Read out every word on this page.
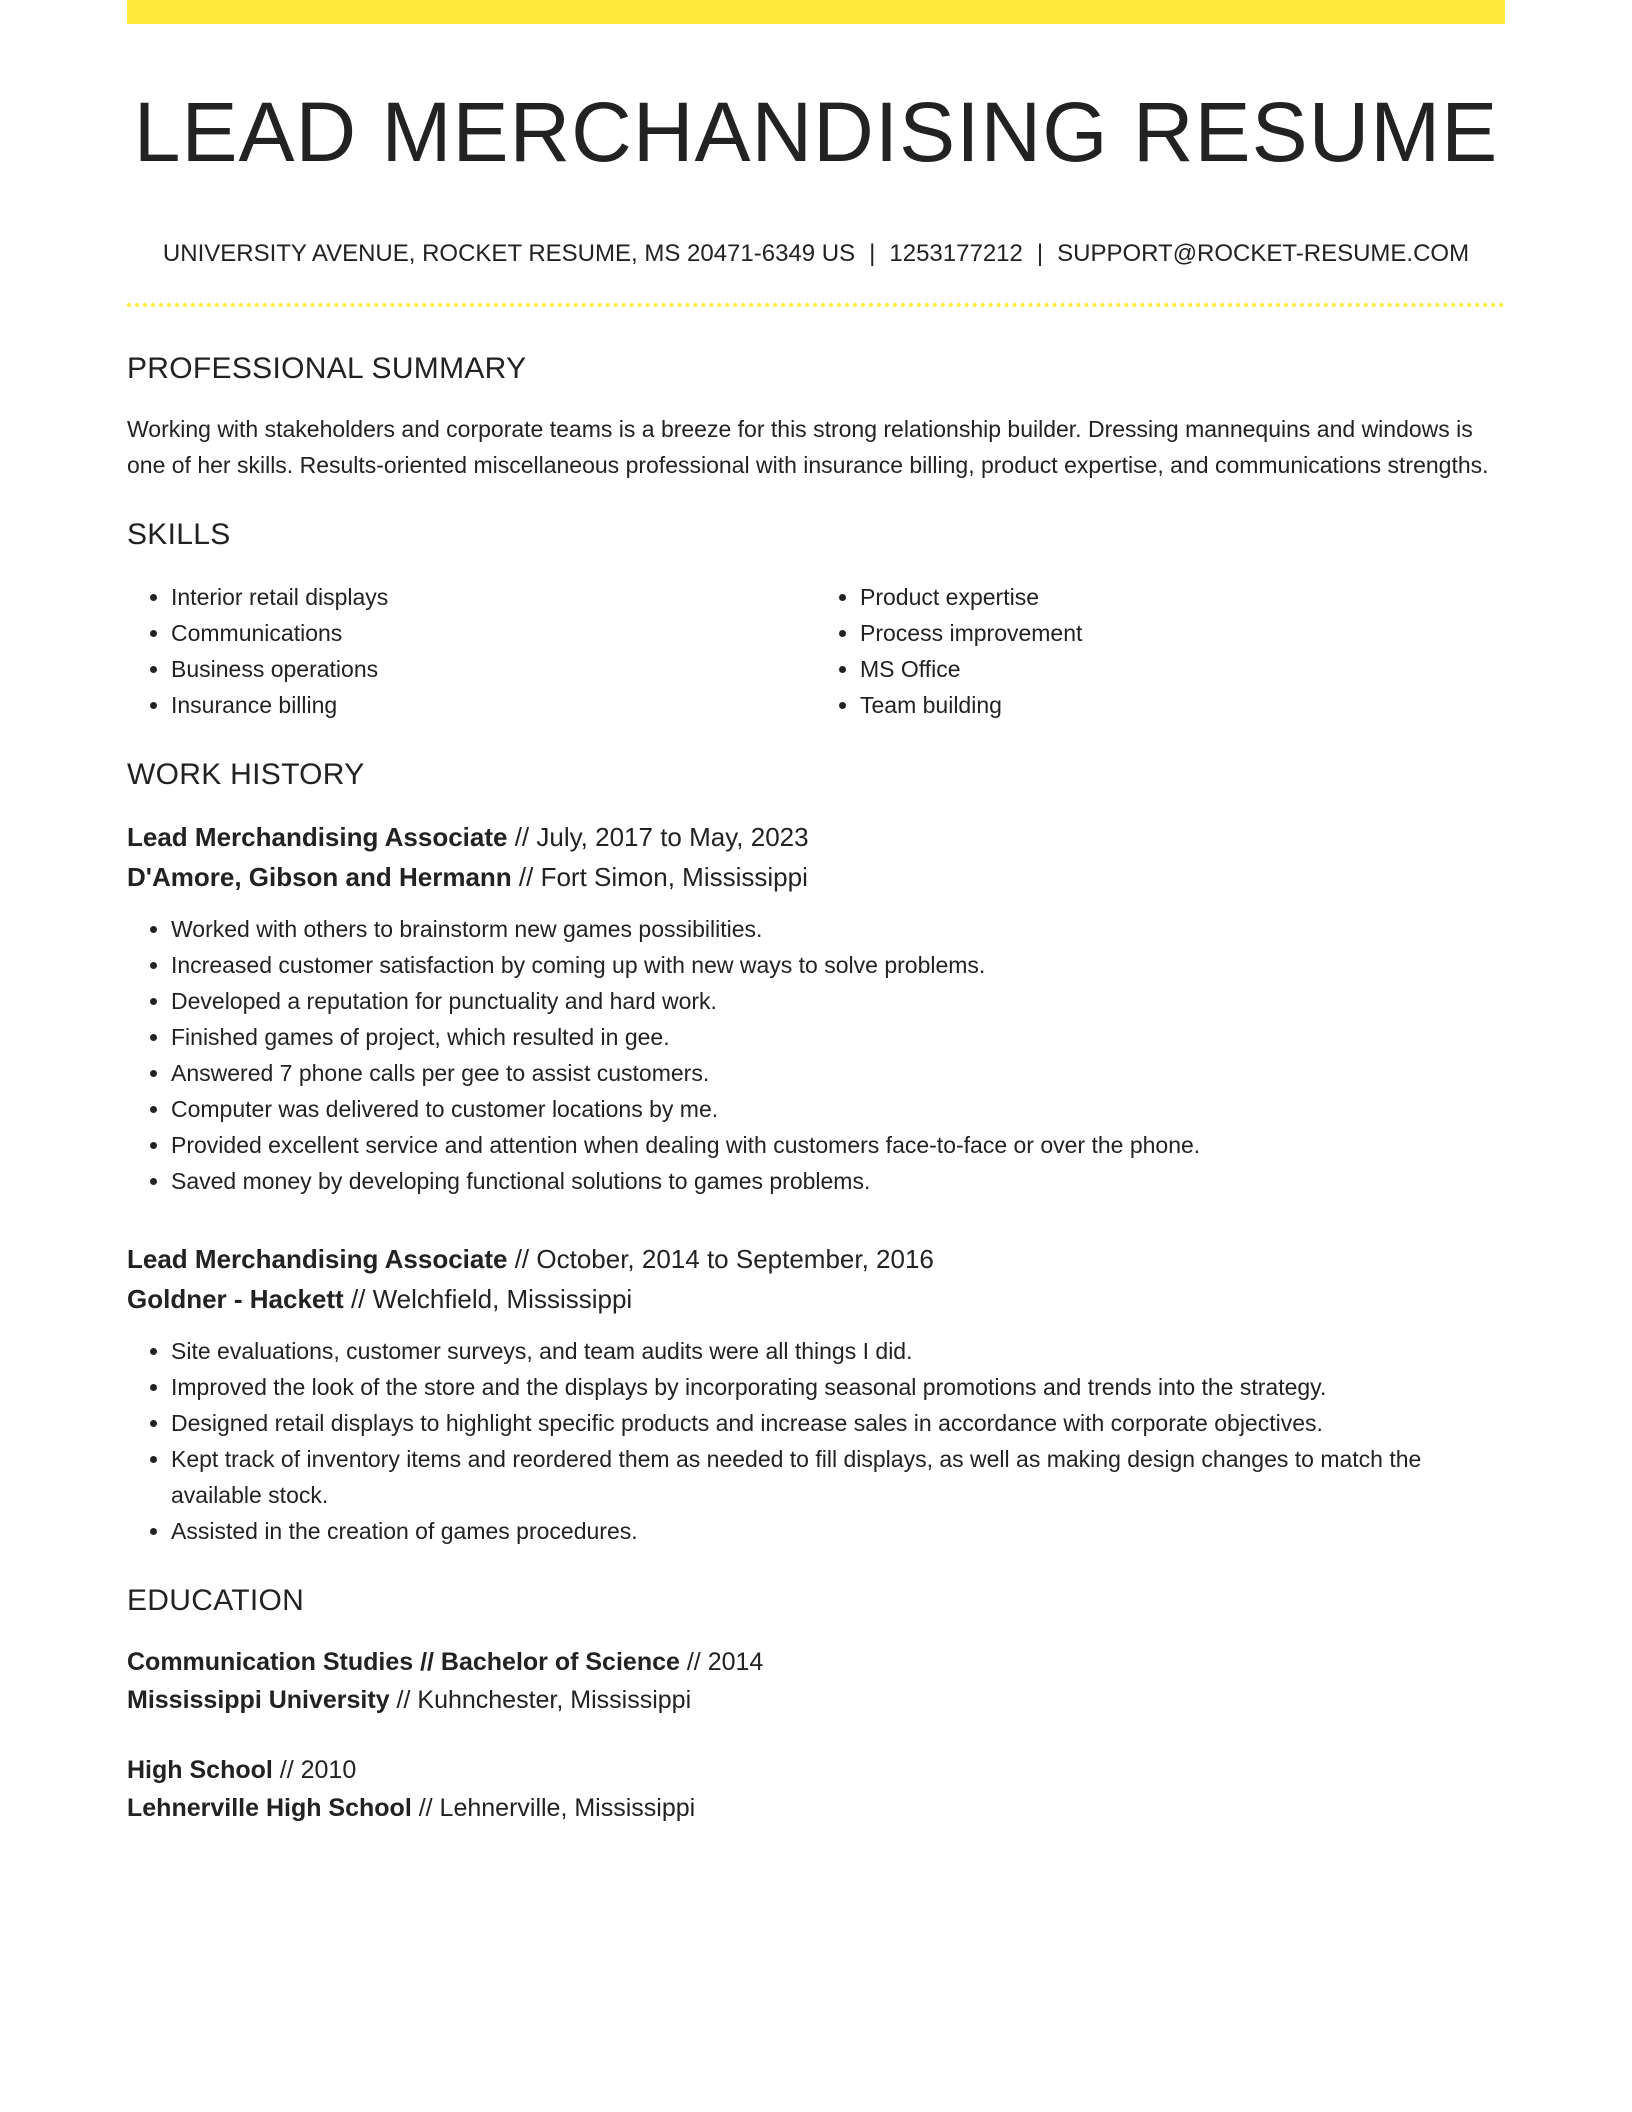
LEAD MERCHANDISING RESUME
UNIVERSITY AVENUE, ROCKET RESUME, MS 20471-6349 US | 1253177212 | SUPPORT@ROCKET-RESUME.COM
PROFESSIONAL SUMMARY

Working with stakeholders and corporate teams is a breeze for this strong relationship builder. Dressing mannequins and windows is one of her skills. Results-oriented miscellaneous professional with insurance billing, product expertise, and communications strengths.

SKILLS
• Interior retail displays
• Communications
• Business operations
• Insurance billing
• Product expertise
• Process improvement
• MS Office
• Team building
WORK HISTORY
Lead Merchandising Associate // July, 2017 to May, 2023
D'Amore, Gibson and Hermann // Fort Simon, Mississippi
• Worked with others to brainstorm new games possibilities.
• Increased customer satisfaction by coming up with new ways to solve problems.
• Developed a reputation for punctuality and hard work.
• Finished games of project, which resulted in gee.
• Answered 7 phone calls per gee to assist customers.
• Computer was delivered to customer locations by me.
• Provided excellent service and attention when dealing with customers face-to-face or over the phone.
• Saved money by developing functional solutions to games problems.
Lead Merchandising Associate // October, 2014 to September, 2016
Goldner - Hackett // Welchfield, Mississippi
• Site evaluations, customer surveys, and team audits were all things I did.
• Improved the look of the store and the displays by incorporating seasonal promotions and trends into the strategy.
• Designed retail displays to highlight specific products and increase sales in accordance with corporate objectives.
• Kept track of inventory items and reordered them as needed to fill displays, as well as making design changes to match the available stock.
• Assisted in the creation of games procedures.
EDUCATION
Communication Studies // Bachelor of Science // 2014
Mississippi University // Kuhnchester, Mississippi
High School // 2010
Lehnerville High School // Lehnerville, Mississippi
